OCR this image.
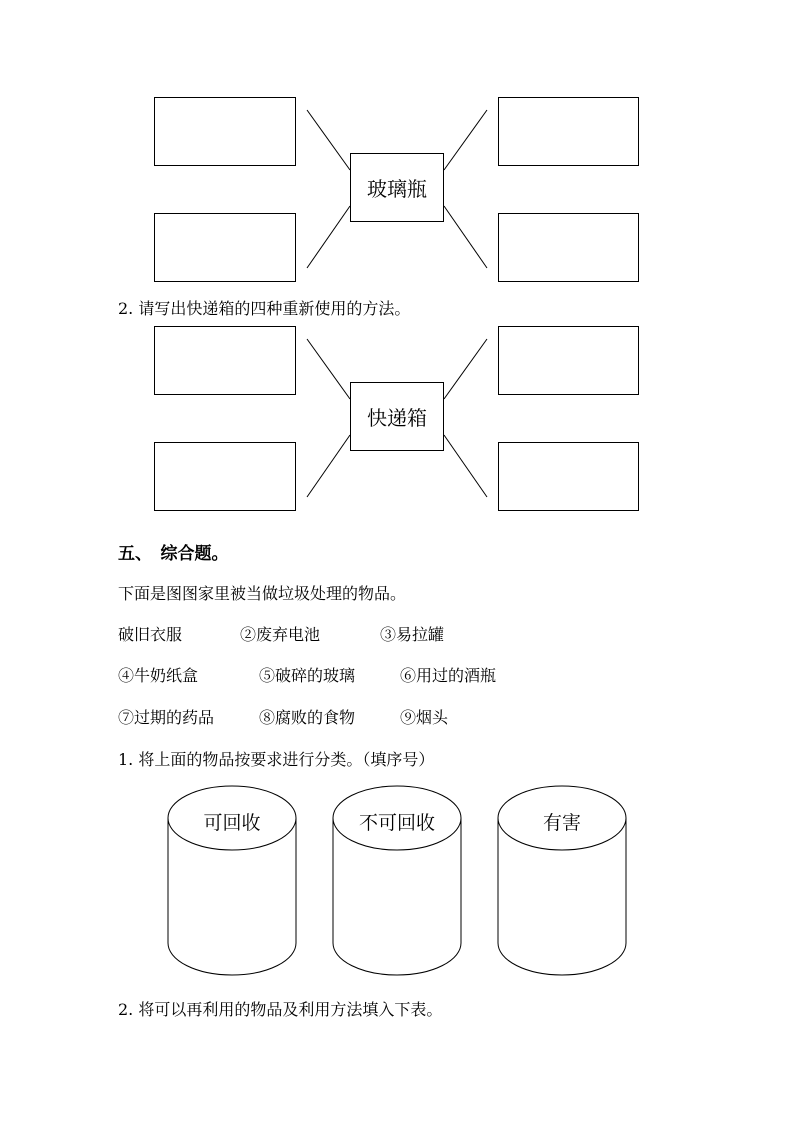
玻璃瓶
2. 请写出快递箱的四种重新使用的方法。
快递箱
五、　综合题。
下面是图图家里被当做垃圾处理的物品。
破旧衣服	②废弃电池	③易拉罐
④牛奶纸盒	⑤破碎的玻璃	⑥用过的酒瓶
⑦过期的药品	⑧腐败的食物	⑨烟头
1. 将上面的物品按要求进行分类。（填序号）
可回收	不可回收	有害
2. 将可以再利用的物品及利用方法填入下表。
